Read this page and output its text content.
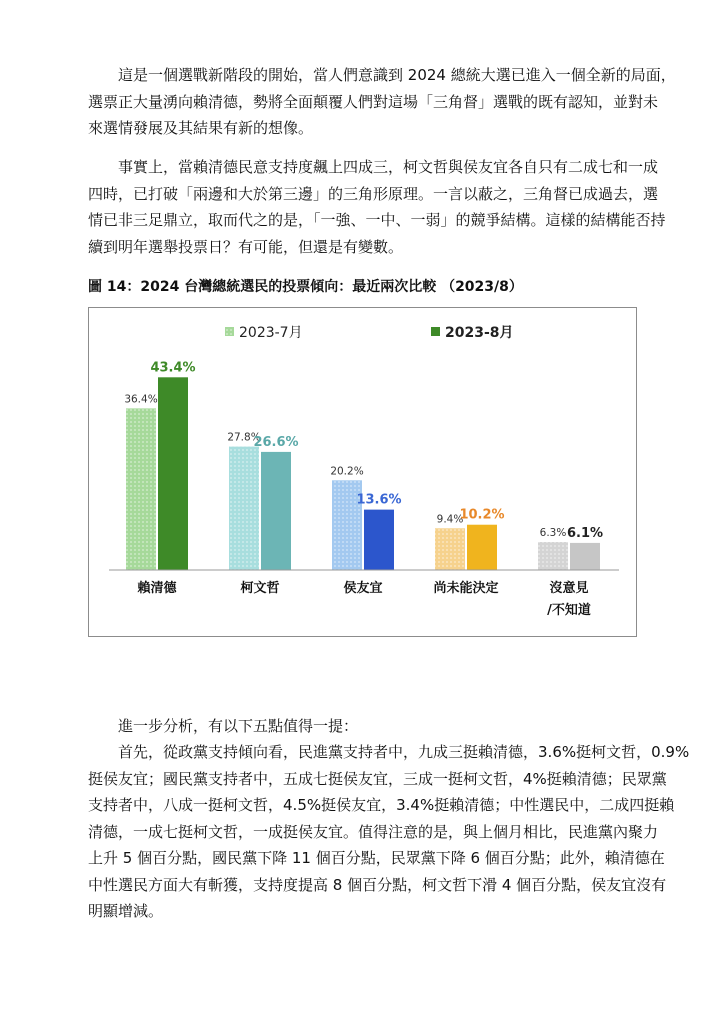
這是一個選戰新階段的開始，當人們意識到 2024 總統大選已進入一個全新的局面，
選票正大量湧向賴清德，勢將全面顛覆人們對這場「三角督」選戰的既有認知，並對未
來選情發展及其結果有新的想像。

事實上，當賴清德民意支持度飆上四成三，柯文哲與侯友宜各自只有二成七和一成
四時，已打破「兩邊和大於第三邊」的三角形原理。一言以蔽之，三角督已成過去，選
情已非三足鼎立，取而代之的是，「一強、一中、一弱」的競爭結構。這樣的結構能否持
續到明年選舉投票日？有可能，但還是有變數。

圖 14：2024 台灣總統選民的投票傾向：最近兩次比較 （2023/8）

2023-7月	2023-8月
36.4%
43.4%
27.8%
26.6%
20.2%
13.6%
9.4%
10.2%
6.3% 6.1%
賴清德	柯文哲	侯友宜	尚未能決定	沒意見
/不知道

進一步分析，有以下五點值得一提：

首先，從政黨支持傾向看，民進黨支持者中，九成三挺賴清德，3.6%挺柯文哲，0.9%
挺侯友宜；國民黨支持者中，五成七挺侯友宜，三成一挺柯文哲，4%挺賴清德；民眾黨
支持者中，八成一挺柯文哲，4.5%挺侯友宜，3.4%挺賴清德；中性選民中，二成四挺賴
清德，一成七挺柯文哲，一成挺侯友宜。值得注意的是，與上個月相比，民進黨內聚力
上升 5 個百分點，國民黨下降 11 個百分點，民眾黨下降 6 個百分點；此外，賴清德在
中性選民方面大有斬獲，支持度提高 8 個百分點，柯文哲下滑 4 個百分點，侯友宜沒有
明顯增減。
